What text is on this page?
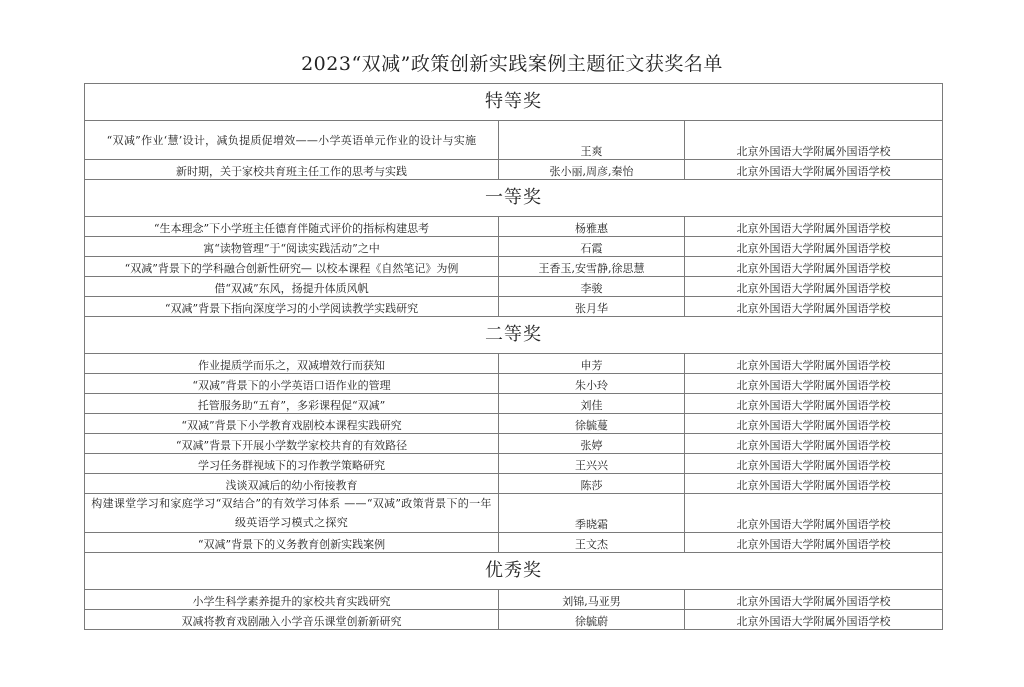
2023“双减”政策创新实践案例主题征文获奖名单
特等奖		
“双减”作业‘慧’设计，减负提质促增效——小学英语单元作业的设计与实施	王爽	北京外国语大学附属外国语学校
新时期，关于家校共育班主任工作的思考与实践	张小丽,周彦,秦怡	北京外国语大学附属外国语学校
一等奖		
“生本理念”下小学班主任德育伴随式评价的指标构建思考	杨雅惠	北京外国语大学附属外国语学校
寓“读物管理”于“阅读实践活动”之中	石霞	北京外国语大学附属外国语学校
“双减”背景下的学科融合创新性研究— 以校本课程《自然笔记》为例	王香玉,安雪静,徐思慧	北京外国语大学附属外国语学校
借“双减”东风，扬提升体质风帆	李骏	北京外国语大学附属外国语学校
“双减”背景下指向深度学习的小学阅读教学实践研究	张月华	北京外国语大学附属外国语学校
二等奖		
作业提质学而乐之，双减增效行而获知	申芳	北京外国语大学附属外国语学校
“双减”背景下的小学英语口语作业的管理	朱小玲	北京外国语大学附属外国语学校
托管服务助“五育”，多彩课程促“双减”	刘佳	北京外国语大学附属外国语学校
“双减”背景下小学教育戏剧校本课程实践研究	徐毓蔓	北京外国语大学附属外国语学校
“双减”背景下开展小学数学家校共育的有效路径	张婷	北京外国语大学附属外国语学校
学习任务群视域下的习作教学策略研究	王兴兴	北京外国语大学附属外国语学校
浅谈双减后的幼小衔接教育	陈莎	北京外国语大学附属外国语学校
构建课堂学习和家庭学习“双结合”的有效学习体系 ——“双减”政策背景下的一年级英语学习模式之探究	季晓霜	北京外国语大学附属外国语学校
“双减”背景下的义务教育创新实践案例	王文杰	北京外国语大学附属外国语学校
优秀奖		
小学生科学素养提升的家校共育实践研究	刘锦,马亚男	北京外国语大学附属外国语学校
双减将教育戏剧融入小学音乐课堂创新新研究	徐毓蔚	北京外国语大学附属外国语学校
